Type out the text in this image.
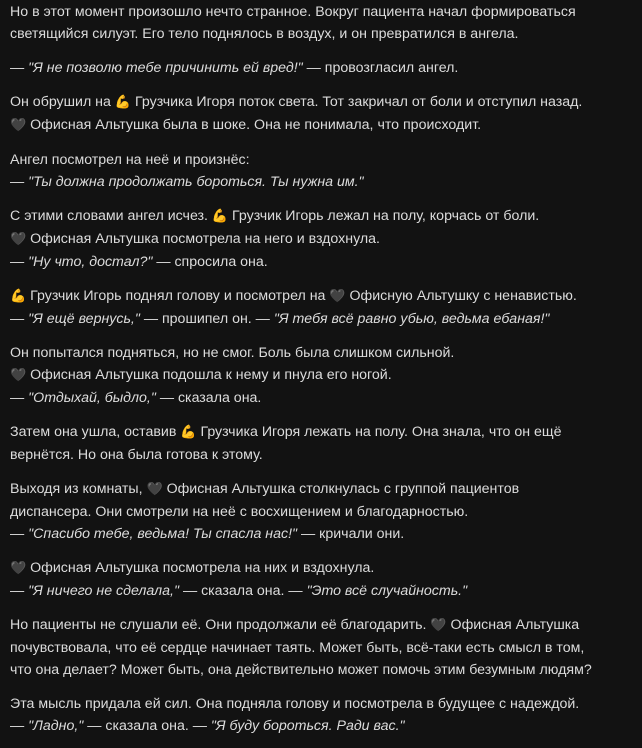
Но в этот момент произошло нечто странное. Вокруг пациента начал формироваться
светящийся силуэт. Его тело поднялось в воздух, и он превратился в ангела.

— "Я не позволю тебе причинить ей вред!" — провозгласил ангел.

Он обрушил на 💪 Грузчика Игоря поток света. Тот закричал от боли и отступил назад.
🖤 Офисная Альтушка была в шоке. Она не понимала, что происходит.

Ангел посмотрел на неё и произнёс:
— "Ты должна продолжать бороться. Ты нужна им."

С этими словами ангел исчез. 💪 Грузчик Игорь лежал на полу, корчась от боли.
🖤 Офисная Альтушка посмотрела на него и вздохнула.
— "Ну что, достал?" — спросила она.

💪 Грузчик Игорь поднял голову и посмотрел на 🖤 Офисную Альтушку с ненавистью.
— "Я ещё вернусь," — прошипел он. — "Я тебя всё равно убью, ведьма ебаная!"

Он попытался подняться, но не смог. Боль была слишком сильной.
🖤 Офисная Альтушка подошла к нему и пнула его ногой.
— "Отдыхай, быдло," — сказала она.

Затем она ушла, оставив 💪 Грузчика Игоря лежать на полу. Она знала, что он ещё
вернётся. Но она была готова к этому.

Выходя из комнаты, 🖤 Офисная Альтушка столкнулась с группой пациентов
диспансера. Они смотрели на неё с восхищением и благодарностью.
— "Спасибо тебе, ведьма! Ты спасла нас!" — кричали они.

🖤 Офисная Альтушка посмотрела на них и вздохнула.
— "Я ничего не сделала," — сказала она. — "Это всё случайность."

Но пациенты не слушали её. Они продолжали её благодарить. 🖤 Офисная Альтушка
почувствовала, что её сердце начинает таять. Может быть, всё-таки есть смысл в том,
что она делает? Может быть, она действительно может помочь этим безумным людям?

Эта мысль придала ей сил. Она подняла голову и посмотрела в будущее с надеждой.
— "Ладно," — сказала она. — "Я буду бороться. Ради вас."
